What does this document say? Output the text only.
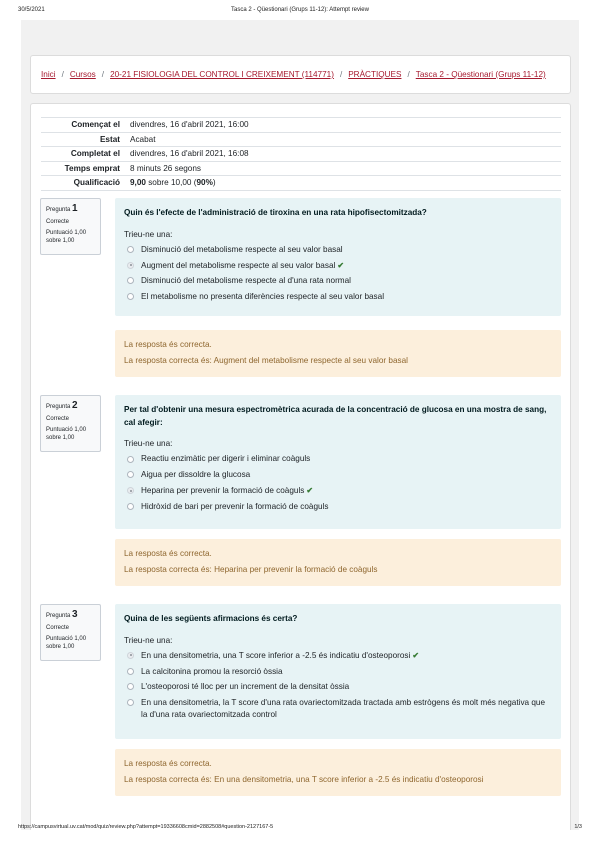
30/5/2021	Tasca 2 - Qüestionari (Grups 11-12): Attempt review
Inici / Cursos / 20-21 FISIOLOGIA DEL CONTROL I CREIXEMENT (114771) / PRÀCTIQUES / Tasca 2 - Qüestionari (Grups 11-12)
Començat el	divendres, 16 d'abril 2021, 16:00
Estat	Acabat
Completat el	divendres, 16 d'abril 2021, 16:08
Temps emprat	8 minuts 26 segons
Qualificació	9,00 sobre 10,00 (90%)
Pregunta 1
Correcte
Puntuació 1,00 sobre 1,00
Quin és l'efecte de l'administració de tiroxina en una rata hipofisectomitzada?
Trieu-ne una:
Disminució del metabolisme respecte al seu valor basal
Augment del metabolisme respecte al seu valor basal ✔
Disminució del metabolisme respecte al d'una rata normal
El metabolisme no presenta diferències respecte al seu valor basal
La resposta és correcta.
La resposta correcta és: Augment del metabolisme respecte al seu valor basal
Pregunta 2
Correcte
Puntuació 1,00 sobre 1,00
Per tal d'obtenir una mesura espectromètrica acurada de la concentració de glucosa en una mostra de sang, cal afegir:
Trieu-ne una:
Reactiu enzimàtic per digerir i eliminar coàguls
Aigua per dissoldre la glucosa
Heparina per prevenir la formació de coàguls ✔
Hidròxid de bari per prevenir la formació de coàguls
La resposta és correcta.
La resposta correcta és: Heparina per prevenir la formació de coàguls
Pregunta 3
Correcte
Puntuació 1,00 sobre 1,00
Quina de les següents afirmacions és certa?
Trieu-ne una:
En una densitometria, una T score inferior a -2.5 és indicatiu d'osteoporosi ✔
La calcitonina promou la resorció òssia
L'osteoporosi té lloc per un increment de la densitat òssia
En una densitometria, la T score d'una rata ovariectomitzada tractada amb estrògens és molt més negativa que la d'una rata ovariectomitzada control
La resposta és correcta.
La resposta correcta és: En una densitometria, una T score inferior a -2.5 és indicatiu d'osteoporosi
https://campusvirtual.uv.cat/mod/quiz/review.php?attempt=19336608cmid=2882508#question-2127167-5	1/3
